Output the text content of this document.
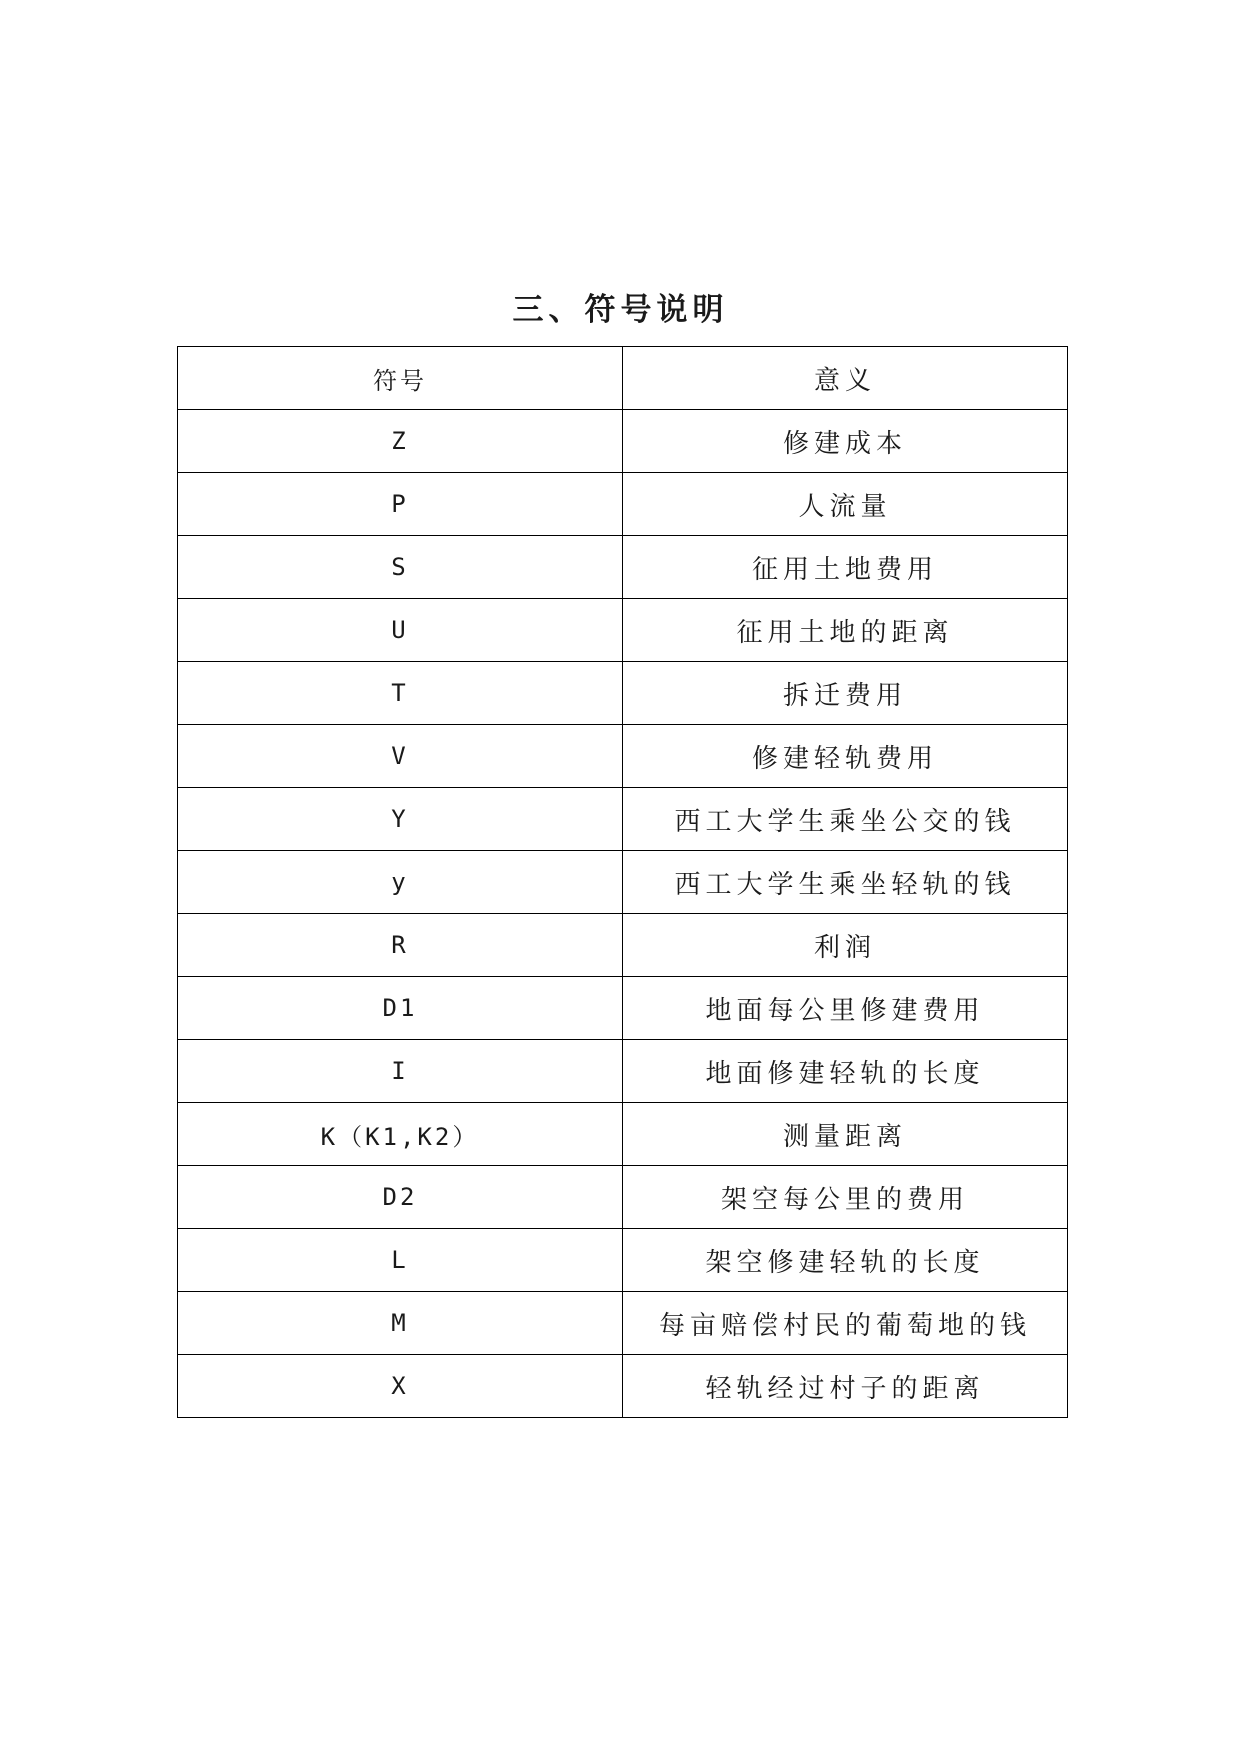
三、符号说明
符号	意义
Z	修建成本
P	人流量
S	征用土地费用
U	征用土地的距离
T	拆迁费用
V	修建轻轨费用
Y	西工大学生乘坐公交的钱
y	西工大学生乘坐轻轨的钱
R	利润
D1	地面每公里修建费用
I	地面修建轻轨的长度
K（K1,K2）	测量距离
D2	架空每公里的费用
L	架空修建轻轨的长度
M	每亩赔偿村民的葡萄地的钱
X	轻轨经过村子的距离
